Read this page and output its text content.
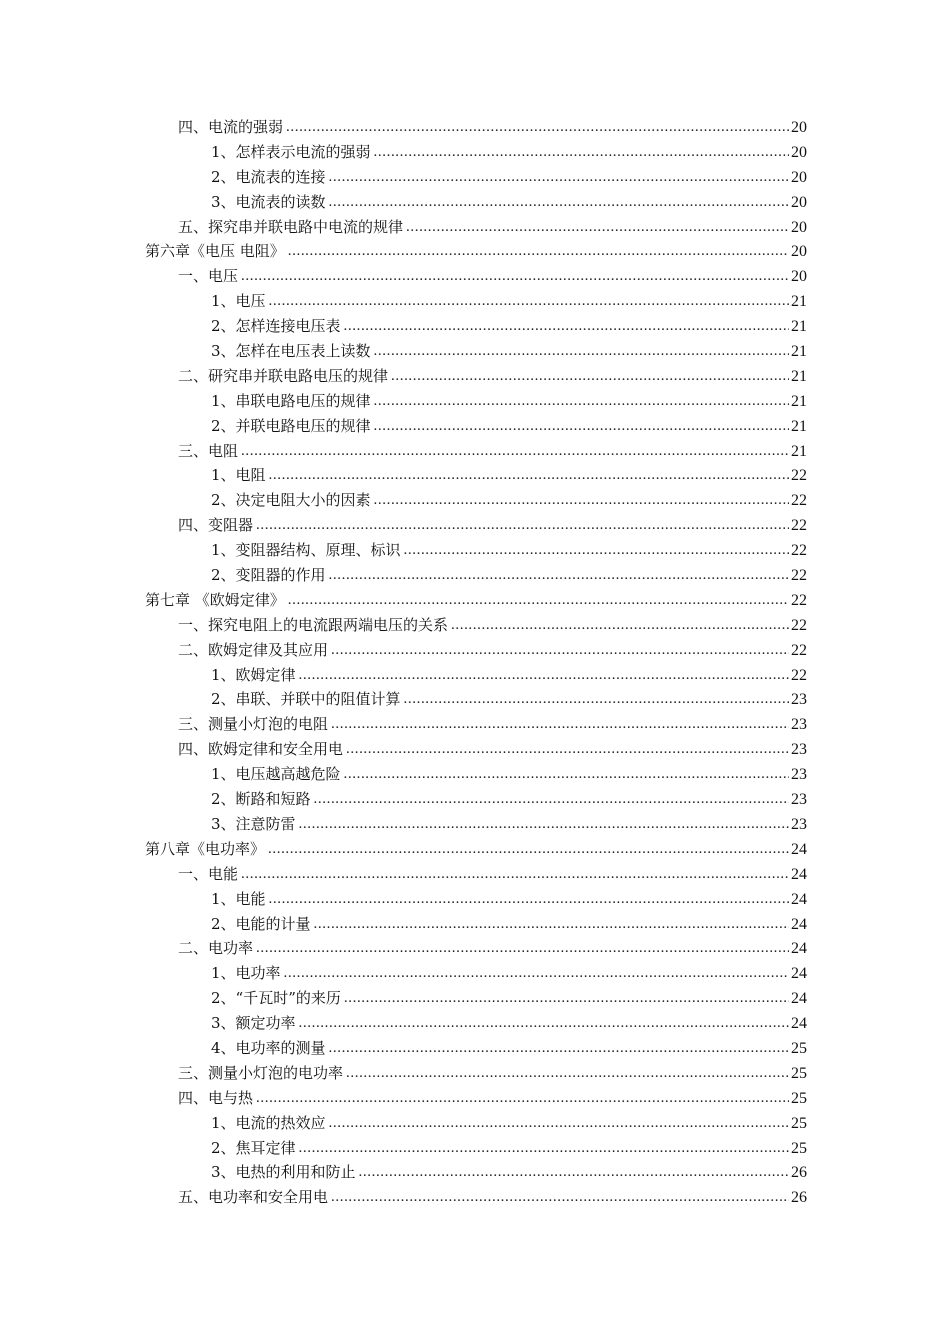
四、电流的强弱 .....	20
1、怎样表示电流的强弱 .....	20
2、电流表的连接 .....	20
3、电流表的读数 .....	20
五、探究串并联电路中电流的规律 .....	20
第六章《电压 电阻》 .....	20
一、电压 .....	20
1、电压 .....	21
2、怎样连接电压表 .....	21
3、怎样在电压表上读数 .....	21
二、研究串并联电路电压的规律 .....	21
1、串联电路电压的规律 .....	21
2、并联电路电压的规律 .....	21
三、电阻 .....	21
1、电阻 .....	22
2、决定电阻大小的因素 .....	22
四、变阻器 .....	22
1、变阻器结构、原理、标识 .....	22
2、变阻器的作用 .....	22
第七章 《欧姆定律》 .....	22
一、探究电阻上的电流跟两端电压的关系 .....	22
二、欧姆定律及其应用 .....	22
1、欧姆定律 .....	22
2、串联、并联中的阻值计算 .....	23
三、测量小灯泡的电阻 .....	23
四、欧姆定律和安全用电 .....	23
1、电压越高越危险 .....	23
2、断路和短路 .....	23
3、注意防雷 .....	23
第八章《电功率》 .....	24
一、电能 .....	24
1、电能 .....	24
2、电能的计量 .....	24
二、电功率 .....	24
1、电功率 .....	24
2、“千瓦时”的来历 .....	24
3、额定功率 .....	24
4、电功率的测量 .....	25
三、测量小灯泡的电功率 .....	25
四、电与热 .....	25
1、电流的热效应 .....	25
2、焦耳定律 .....	25
3、电热的利用和防止 .....	26
五、电功率和安全用电 .....	26
